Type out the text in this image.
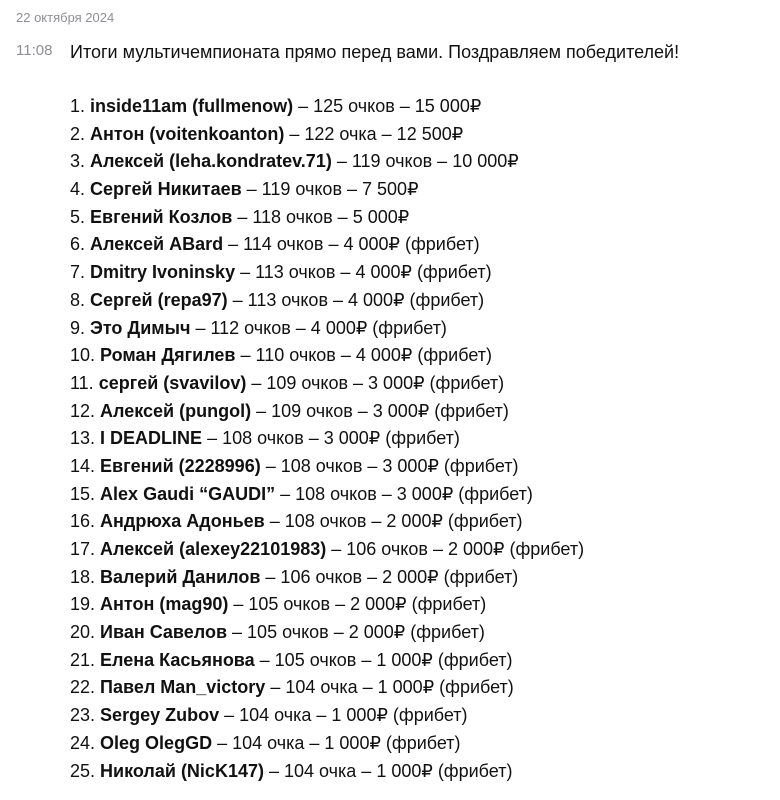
22 октября 2024
11:08 Итоги мультичемпионата прямо перед вами. Поздравляем победителей!
1. inside11am (fullmenow) – 125 очков – 15 000₽
2. Антон (voitenkoanton) – 122 очка – 12 500₽
3. Алексей (leha.kondratev.71) – 119 очков – 10 000₽
4. Сергей Никитаев – 119 очков – 7 500₽
5. Евгений Козлов – 118 очков – 5 000₽
6. Алексей ABard – 114 очков – 4 000₽ (фрибет)
7. Dmitry Ivoninsky – 113 очков – 4 000₽ (фрибет)
8. Сергей (repa97) – 113 очков – 4 000₽ (фрибет)
9. Это Димыч – 112 очков – 4 000₽ (фрибет)
10. Роман Дягилев – 110 очков – 4 000₽ (фрибет)
11. сергей (svavilov) – 109 очков – 3 000₽ (фрибет)
12. Алексей (pungol) – 109 очков – 3 000₽ (фрибет)
13. I DEADLINE – 108 очков – 3 000₽ (фрибет)
14. Евгений (2228996) – 108 очков – 3 000₽ (фрибет)
15. Alex Gaudi “GAUDI” – 108 очков – 3 000₽ (фрибет)
16. Андрюха Адоньев – 108 очков – 2 000₽ (фрибет)
17. Алексей (alexey22101983) – 106 очков – 2 000₽ (фрибет)
18. Валерий Данилов – 106 очков – 2 000₽ (фрибет)
19. Антон (mag90) – 105 очков – 2 000₽ (фрибет)
20. Иван Савелов – 105 очков – 2 000₽ (фрибет)
21. Елена Касьянова – 105 очков – 1 000₽ (фрибет)
22. Павел Man_victory – 104 очка – 1 000₽ (фрибет)
23. Sergey Zubov – 104 очка – 1 000₽ (фрибет)
24. Oleg OlegGD – 104 очка – 1 000₽ (фрибет)
25. Николай (NicK147) – 104 очка – 1 000₽ (фрибет)
